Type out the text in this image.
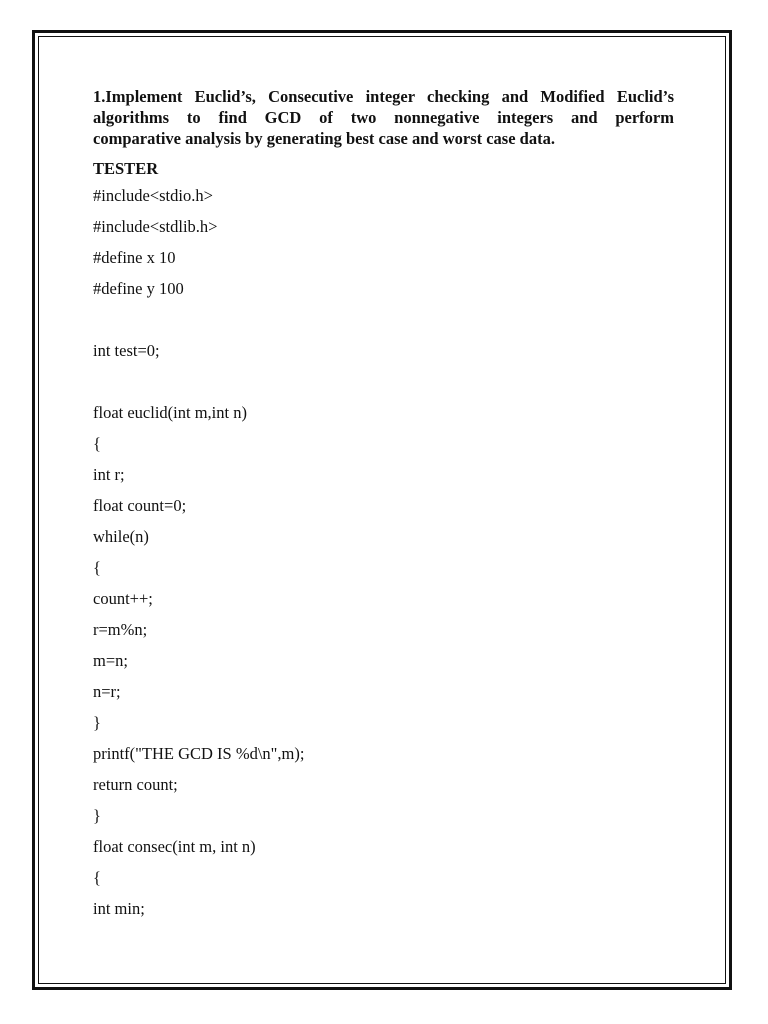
1.Implement Euclid’s, Consecutive integer checking and Modified Euclid’s
algorithms to find GCD of two nonnegative integers and perform
comparative analysis by generating best case and worst case data.

TESTER
#include<stdio.h>
#include<stdlib.h>
#define x 10
#define y 100
int test=0;
float euclid(int m,int n)
{
int r;
float count=0;
while(n)
{
count++;
r=m%n;
m=n;
n=r;
}
printf("THE GCD IS %d\n",m);
return count;
}
float consec(int m, int n)
{
int min;
